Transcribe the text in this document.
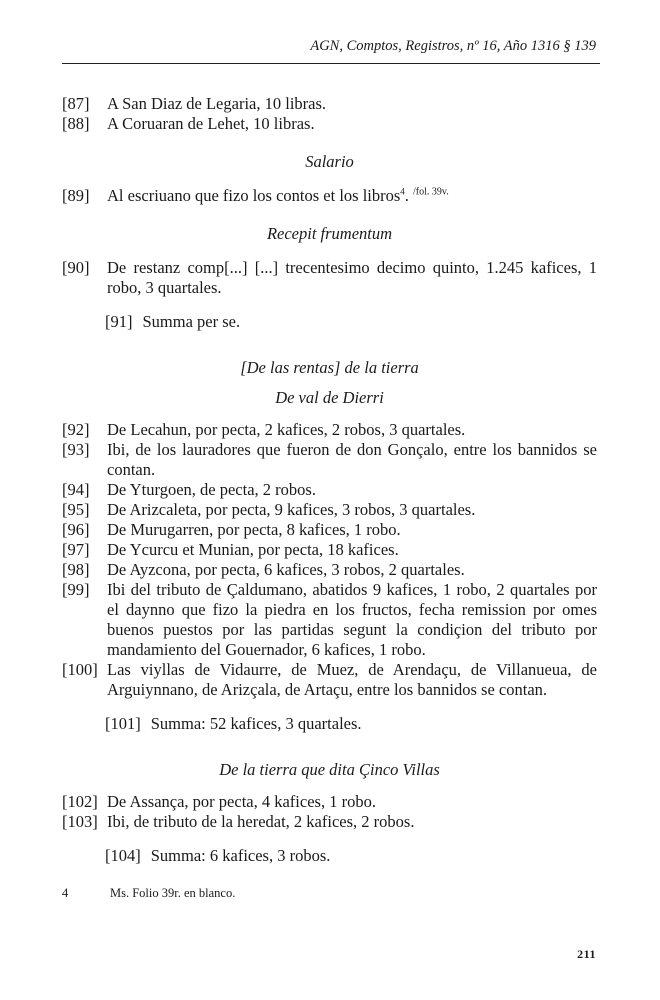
AGN, Comptos, Registros, nº 16, Año 1316 § 139
[87]	A San Diaz de Legaria, 10 libras.
[88]	A Coruaran de Lehet, 10 libras.
Salario
[89]	Al escriuano que fizo los contos et los libros$^4$. $^{/fol. 39v.}$
Recepit frumentum
[90]	De restanz comp[...] [...] trecentesimo decimo quinto, 1.245 kafices, 1 robo, 3 quartales.
[91] Summa per se.
[De las rentas] de la tierra
De val de Dierri
[92]	De Lecahun, por pecta, 2 kafices, 2 robos, 3 quartales.
[93]	Ibi, de los lauradores que fueron de don Gonçalo, entre los bannidos se contan.
[94]	De Yturgoen, de pecta, 2 robos.
[95]	De Arizcaleta, por pecta, 9 kafices, 3 robos, 3 quartales.
[96]	De Murugarren, por pecta, 8 kafices, 1 robo.
[97]	De Ycurcu et Munian, por pecta, 18 kafices.
[98]	De Ayzcona, por pecta, 6 kafices, 3 robos, 2 quartales.
[99]	Ibi del tributo de Çaldumano, abatidos 9 kafices, 1 robo, 2 quartales por el daynno que fizo la piedra en los fructos, fecha remission por omes buenos puestos por las partidas segunt la condiçion del tributo por mandamiento del Gouernador, 6 kafices, 1 robo.
[100] Las viyllas de Vidaurre, de Muez, de Arendaçu, de Villanueua, de Arguiynnano, de Arizçala, de Artaçu, entre los bannidos se contan.
[101] Summa: 52 kafices, 3 quartales.
De la tierra que dita Çinco Villas
[102] De Assança, por pecta, 4 kafices, 1 robo.
[103] Ibi, de tributo de la heredat, 2 kafices, 2 robos.
[104] Summa: 6 kafices, 3 robos.
4	Ms. Folio 39r. en blanco.
211
